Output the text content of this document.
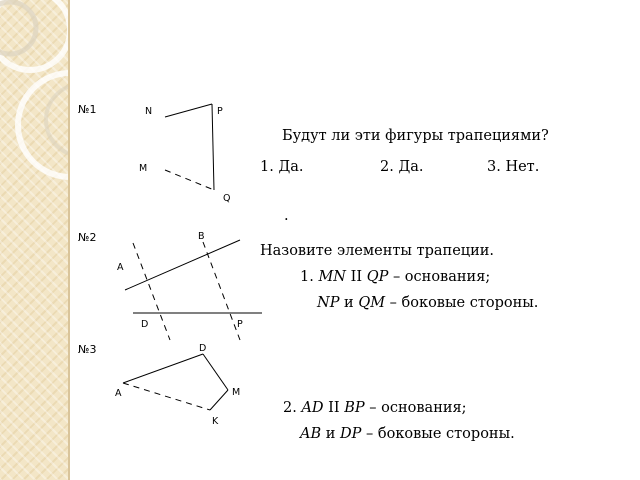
№1	N	P
M
Q
Будут ли эти фигуры трапециями?
1. Да.	2. Да.	3. Нет.
.
№2	B
A
D	P
Назовите элементы трапеции.
1. MN II QP – основания;
NP и QM – боковые стороны.
№3	D
A	M
K
2. AD II BP – основания;
AB и DP – боковые стороны.
